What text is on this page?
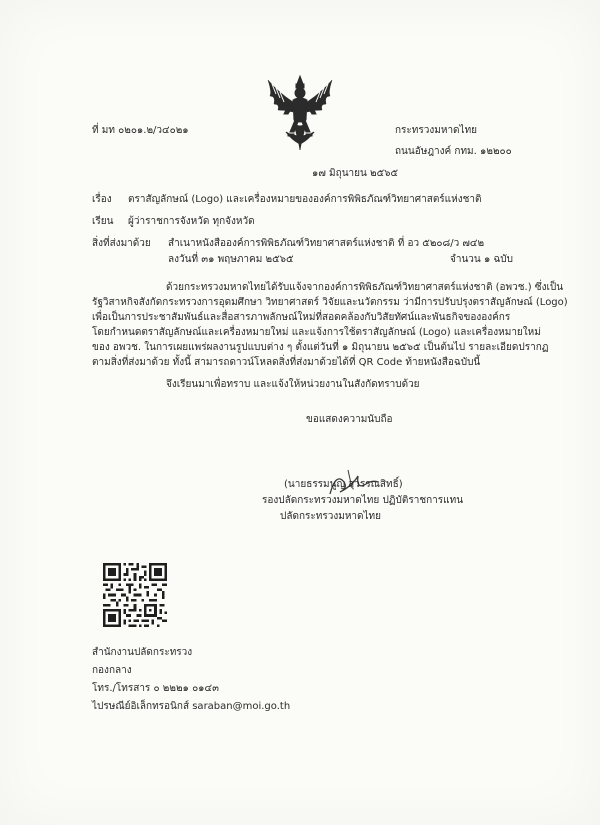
ที่ มท ๐๒๐๑.๒/ว๔๐๒๑	กระทรวงมหาดไทย
ถนนอัษฎางค์ กทม. ๑๒๒๐๐
๑๗ มิถุนายน ๒๕๖๕
เรื่อง ตราสัญลักษณ์ (Logo) และเครื่องหมายขององค์การพิพิธภัณฑ์วิทยาศาสตร์แห่งชาติ
เรียน ผู้ว่าราชการจังหวัด ทุกจังหวัด
สิ่งที่ส่งมาด้วย สำเนาหนังสือองค์การพิพิธภัณฑ์วิทยาศาสตร์แห่งชาติ ที่ อว ๕๒๐๘/ว ๗๔๒
ลงวันที่ ๓๑ พฤษภาคม ๒๕๖๕	จำนวน ๑ ฉบับ
ด้วยกระทรวงมหาดไทยได้รับแจ้งจากองค์การพิพิธภัณฑ์วิทยาศาสตร์แห่งชาติ (อพวช.) ซึ่งเป็น
รัฐวิสาหกิจสังกัดกระทรวงการอุดมศึกษา วิทยาศาสตร์ วิจัยและนวัตกรรม ว่ามีการปรับปรุงตราสัญลักษณ์ (Logo)
เพื่อเป็นการประชาสัมพันธ์และสื่อสารภาพลักษณ์ใหม่ที่สอดคล้องกับวิสัยทัศน์และพันธกิจขององค์กร
โดยกำหนดตราสัญลักษณ์และเครื่องหมายใหม่ และแจ้งการใช้ตราสัญลักษณ์ (Logo) และเครื่องหมายใหม่
ของ อพวช. ในการเผยแพร่ผลงานรูปแบบต่าง ๆ ตั้งแต่วันที่ ๑ มิถุนายน ๒๕๖๕ เป็นต้นไป รายละเอียดปรากฏ
ตามสิ่งที่ส่งมาด้วย ทั้งนี้ สามารถดาวน์โหลดสิ่งที่ส่งมาด้วยได้ที่ QR Code ท้ายหนังสือฉบับนี้
จึงเรียนมาเพื่อทราบ และแจ้งให้หน่วยงานในสังกัดทราบด้วย
ขอแสดงความนับถือ
(นายธรรมนูญ สุวรรณสิทธิ์)
รองปลัดกระทรวงมหาดไทย ปฏิบัติราชการแทน
ปลัดกระทรวงมหาดไทย
สำนักงานปลัดกระทรวง
กองกลาง
โทร./โทรสาร ๐ ๒๒๒๑ ๐๑๔๓
ไปรษณีย์อิเล็กทรอนิกส์ saraban@moi.go.th
